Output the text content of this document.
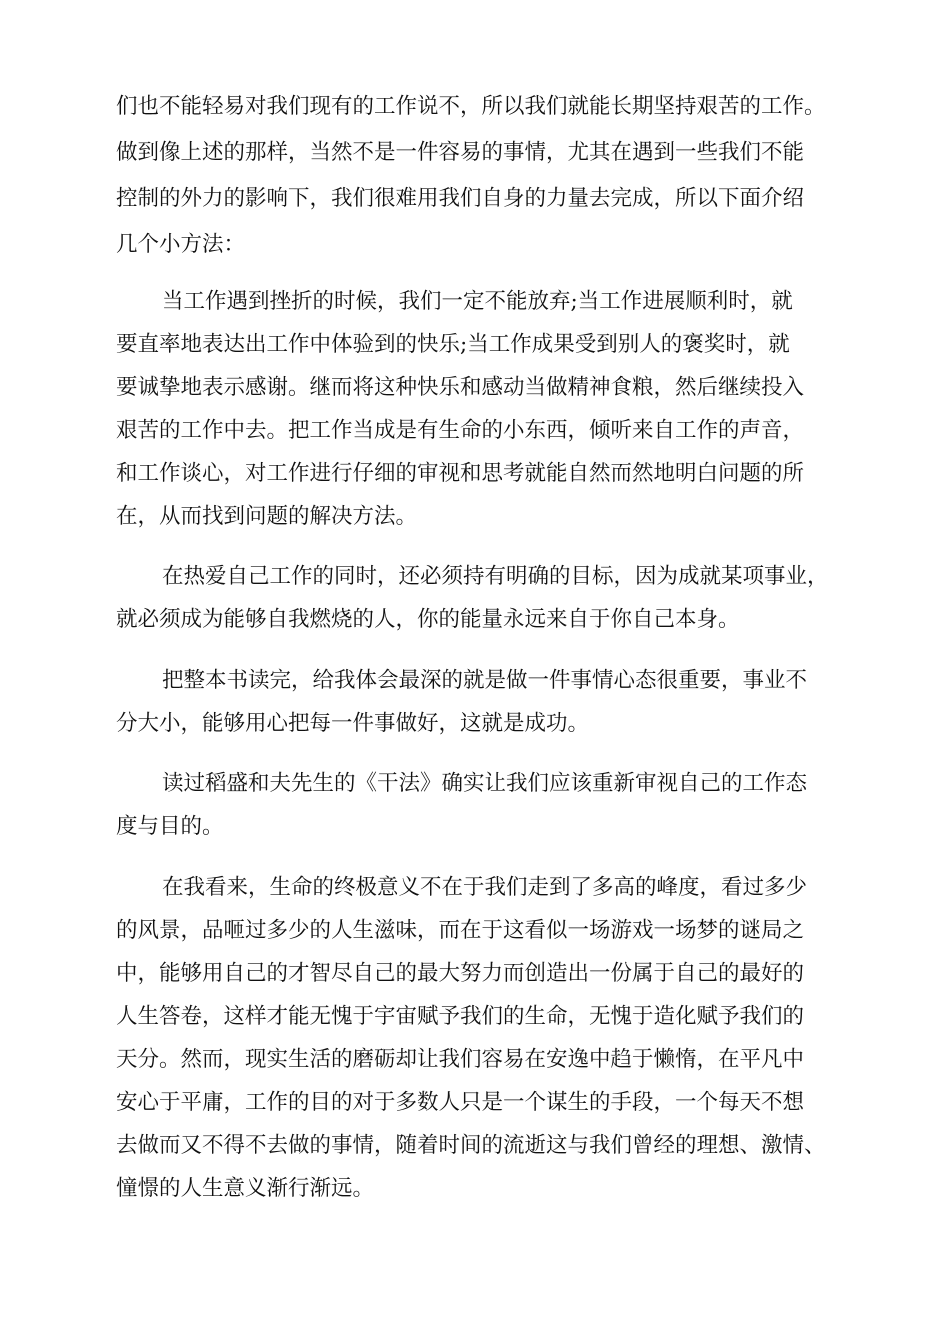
们也不能轻易对我们现有的工作说不，所以我们就能长期坚持艰苦的工作。

做到像上述的那样，当然不是一件容易的事情，尤其在遇到一些我们不能

控制的外力的影响下，我们很难用我们自身的力量去完成，所以下面介绍

几个小方法：

当工作遇到挫折的时候，我们一定不能放弃;当工作进展顺利时，就

要直率地表达出工作中体验到的快乐;当工作成果受到别人的褒奖时，就

要诚挚地表示感谢。继而将这种快乐和感动当做精神食粮，然后继续投入

艰苦的工作中去。把工作当成是有生命的小东西，倾听来自工作的声音，

和工作谈心，对工作进行仔细的审视和思考就能自然而然地明白问题的所

在，从而找到问题的解决方法。

在热爱自己工作的同时，还必须持有明确的目标，因为成就某项事业，

就必须成为能够自我燃烧的人，你的能量永远来自于你自己本身。

把整本书读完，给我体会最深的就是做一件事情心态很重要，事业不

分大小，能够用心把每一件事做好，这就是成功。

读过稻盛和夫先生的《干法》确实让我们应该重新审视自己的工作态

度与目的。

在我看来，生命的终极意义不在于我们走到了多高的峰度，看过多少

的风景，品咂过多少的人生滋味，而在于这看似一场游戏一场梦的谜局之

中，能够用自己的才智尽自己的最大努力而创造出一份属于自己的最好的

人生答卷，这样才能无愧于宇宙赋予我们的生命，无愧于造化赋予我们的

天分。然而，现实生活的磨砺却让我们容易在安逸中趋于懒惰，在平凡中

安心于平庸，工作的目的对于多数人只是一个谋生的手段，一个每天不想

去做而又不得不去做的事情，随着时间的流逝这与我们曾经的理想、激情、

憧憬的人生意义渐行渐远。
